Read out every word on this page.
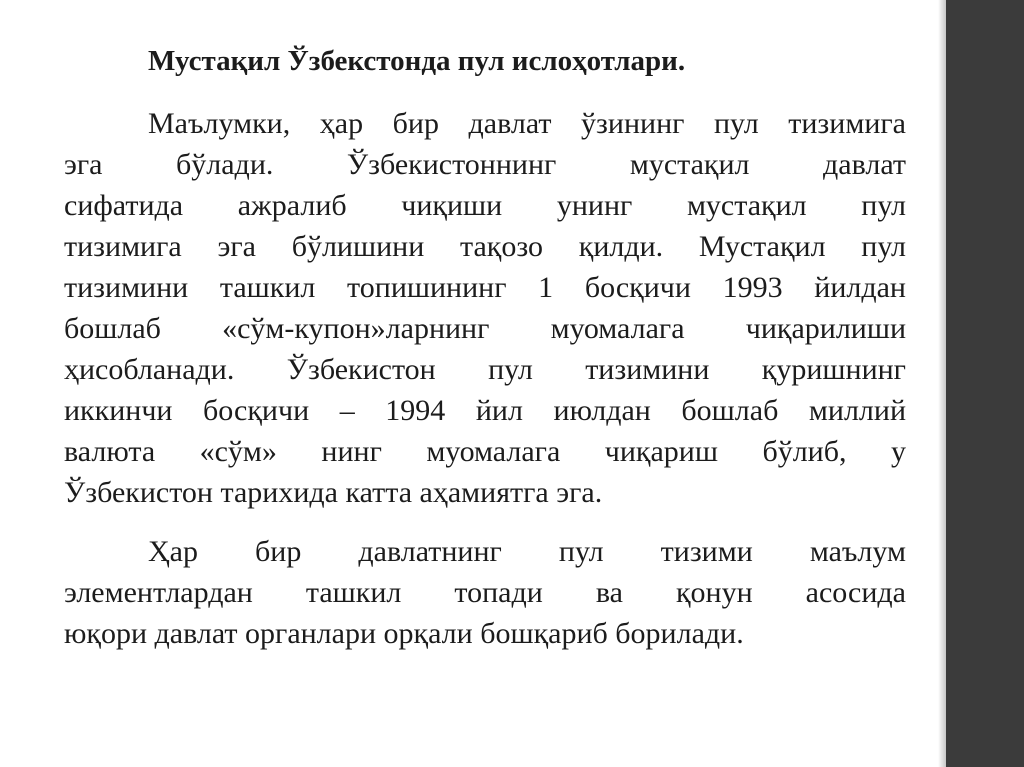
Мустақил Ўзбекстонда пул ислоҳотлари.
Маълумки, ҳар бир давлат ўзининг пул тизимига
эга бўлади. Ўзбекистоннинг мустақил давлат
сифатида ажралиб чиқиши унинг мустақил пул
тизимига эга бўлишини тақозо қилди. Мустақил пул
тизимини ташкил топишининг 1 босқичи 1993 йилдан
бошлаб «сўм-купон»ларнинг муомалага чиқарилиши
ҳисобланади. Ўзбекистон пул тизимини қуришнинг
иккинчи босқичи – 1994 йил июлдан бошлаб миллий
валюта «сўм» нинг муомалага чиқариш бўлиб, у
Ўзбекистон тарихида катта аҳамиятга эга.
Ҳар бир давлатнинг пул тизими маълум
элементлардан ташкил топади ва қонун асосида
юқори давлат органлари орқали бошқариб борилади.
